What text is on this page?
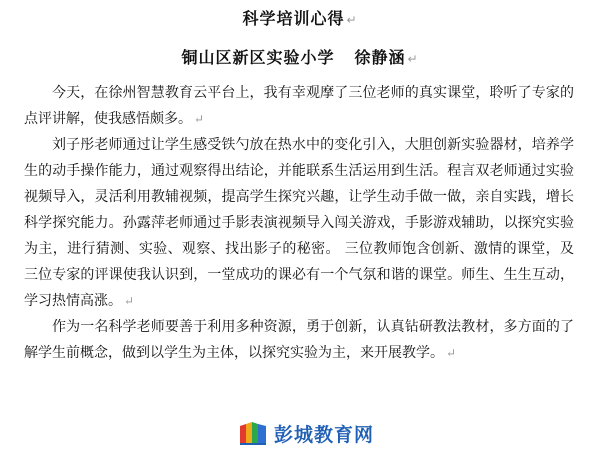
科学培训心得 ↵
铜山区新区实验小学 徐静涵 ↵

今天，在徐州智慧教育云平台上，我有幸观摩了三位老师的真实课堂，聆听了专家的点评讲解，使我感悟颇多。 ↵

刘子彤老师通过让学生感受铁勺放在热水中的变化引入，大胆创新实验器材，培养学生的动手操作能力，通过观察得出结论，并能联系生活运用到生活。程言双老师通过实验视频导入，灵活利用教辅视频，提高学生探究兴趣，让学生动手做一做，亲自实践，增长科学探究能力。孙露萍老师通过手影表演视频导入闯关游戏，手影游戏辅助，以探究实验为主，进行猜测、实验、观察、找出影子的秘密。 三位教师饱含创新、激情的课堂，及三位专家的评课使我认识到，一堂成功的课必有一个气氛和谐的课堂。师生、生生互动，学习热情高涨。 ↵

作为一名科学老师要善于利用多种资源，勇于创新，认真钻研教法教材，多方面的了解学生前概念，做到以学生为主体，以探究实验为主，来开展教学。 ↵

彭城教育网
